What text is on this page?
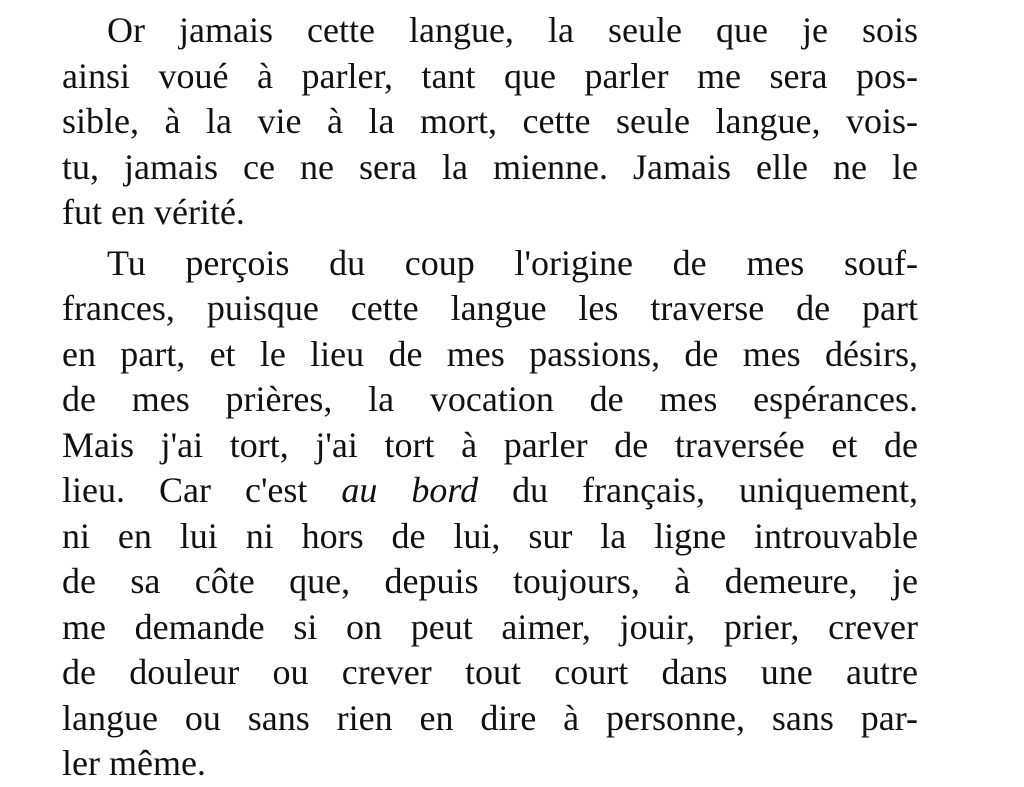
Or jamais cette langue, la seule que je sois
ainsi voué à parler, tant que parler me sera pos-
sible, à la vie à la mort, cette seule langue, vois-
tu, jamais ce ne sera la mienne. Jamais elle ne le
fut en vérité.
Tu perçois du coup l'origine de mes souf-
frances, puisque cette langue les traverse de part
en part, et le lieu de mes passions, de mes désirs,
de mes prières, la vocation de mes espérances.
Mais j'ai tort, j'ai tort à parler de traversée et de
lieu. Car c'est au bord du français, uniquement,
ni en lui ni hors de lui, sur la ligne introuvable
de sa côte que, depuis toujours, à demeure, je
me demande si on peut aimer, jouir, prier, crever
de douleur ou crever tout court dans une autre
langue ou sans rien en dire à personne, sans par-
ler même.
